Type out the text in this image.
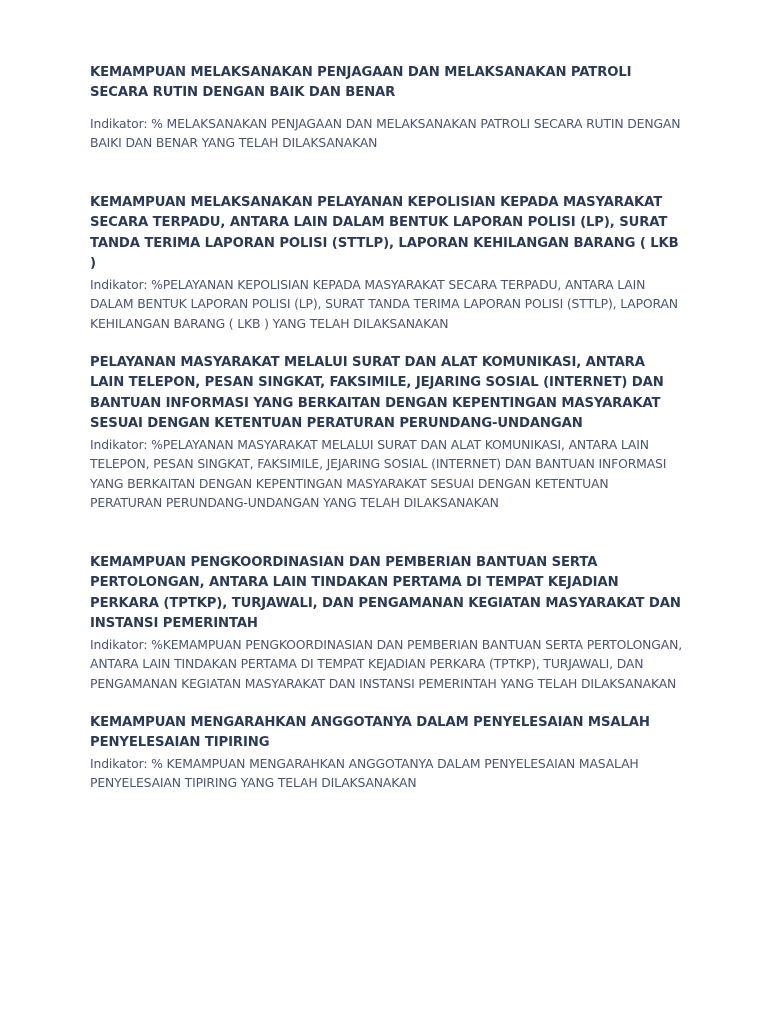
KEMAMPUAN MELAKSANAKAN PENJAGAAN DAN MELAKSANAKAN PATROLI SECARA RUTIN DENGAN BAIK DAN BENAR

Indikator: % MELAKSANAKAN PENJAGAAN DAN MELAKSANAKAN PATROLI SECARA RUTIN DENGAN BAIKI DAN BENAR YANG TELAH DILAKSANAKAN

KEMAMPUAN MELAKSANAKAN PELAYANAN KEPOLISIAN KEPADA MASYARAKAT SECARA TERPADU, ANTARA LAIN DALAM BENTUK LAPORAN POLISI (LP), SURAT TANDA TERIMA LAPORAN POLISI (STTLP), LAPORAN KEHILANGAN BARANG ( LKB )

Indikator: %PELAYANAN KEPOLISIAN KEPADA MASYARAKAT SECARA TERPADU, ANTARA LAIN DALAM BENTUK LAPORAN POLISI (LP), SURAT TANDA TERIMA LAPORAN POLISI (STTLP), LAPORAN KEHILANGAN BARANG ( LKB ) YANG TELAH DILAKSANAKAN

PELAYANAN MASYARAKAT MELALUI SURAT DAN ALAT KOMUNIKASI, ANTARA LAIN TELEPON, PESAN SINGKAT, FAKSIMILE, JEJARING SOSIAL (INTERNET) DAN BANTUAN INFORMASI YANG BERKAITAN DENGAN KEPENTINGAN MASYARAKAT SESUAI DENGAN KETENTUAN PERATURAN PERUNDANG-UNDANGAN

Indikator: %PELAYANAN MASYARAKAT MELALUI SURAT DAN ALAT KOMUNIKASI, ANTARA LAIN TELEPON, PESAN SINGKAT, FAKSIMILE, JEJARING SOSIAL (INTERNET) DAN BANTUAN INFORMASI YANG BERKAITAN DENGAN KEPENTINGAN MASYARAKAT SESUAI DENGAN KETENTUAN PERATURAN PERUNDANG-UNDANGAN YANG TELAH DILAKSANAKAN

KEMAMPUAN PENGKOORDINASIAN DAN PEMBERIAN BANTUAN SERTA PERTOLONGAN, ANTARA LAIN TINDAKAN PERTAMA DI TEMPAT KEJADIAN PERKARA (TPTKP), TURJAWALI, DAN PENGAMANAN KEGIATAN MASYARAKAT DAN INSTANSI PEMERINTAH

Indikator: %KEMAMPUAN PENGKOORDINASIAN DAN PEMBERIAN BANTUAN SERTA PERTOLONGAN, ANTARA LAIN TINDAKAN PERTAMA DI TEMPAT KEJADIAN PERKARA (TPTKP), TURJAWALI, DAN PENGAMANAN KEGIATAN MASYARAKAT DAN INSTANSI PEMERINTAH YANG TELAH DILAKSANAKAN

KEMAMPUAN MENGARAHKAN ANGGOTANYA DALAM PENYELESAIAN MSALAH PENYELESAIAN TIPIRING

Indikator: % KEMAMPUAN MENGARAHKAN ANGGOTANYA DALAM PENYELESAIAN MASALAH PENYELESAIAN TIPIRING YANG TELAH DILAKSANAKAN
